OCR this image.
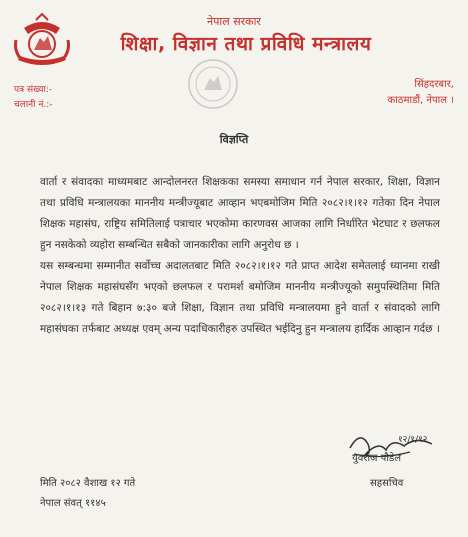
नेपाल सरकार
शिक्षा, विज्ञान तथा प्रविधि मन्त्रालय
पत्र संख्या:-
चलानी नं.:-
सिंहदरबार,
काठमाडौं, नेपाल ।
विज्ञप्ति
वार्ता र संवादका माध्यमबाट आन्दोलनरत शिक्षकका समस्या समाधान गर्न नेपाल सरकार, शिक्षा, विज्ञान तथा प्रविधि मन्त्रालयका माननीय मन्त्रीज्यूबाट आव्हान भएबमोजिम मिति २०८२।१।१२ गतेका दिन नेपाल शिक्षक महासंघ, राष्ट्रिय समितिलाई पत्राचार भएकोमा कारणवस आजका लागि निर्धारित भेटघाट र छलफल हुन नसकेको व्यहोरा सम्बन्धित सबैको जानकारीका लागि अनुरोध छ ।
यस सम्बन्धमा सम्मानीत सर्वोच्च अदालतबाट मिति २०८२।१।१२ गते प्राप्त आदेश समेतलाई ध्यानमा राखी नेपाल शिक्षक महासंघसँग भएको छलफल र परामर्श बमोजिम माननीय मन्त्रीज्यूको समुपस्थितिमा मिति २०८२।१।१३ गते बिहान ७:३० बजे शिक्षा, विज्ञान तथा प्रविधि मन्त्रालयमा हुने वार्ता र संवादको लागि महासंघका तर्फबाट अध्यक्ष एवम् अन्य पदाधिकारीहरु उपस्थित भईदिनु हुन मन्त्रालय हार्दिक आव्हान गर्दछ ।
१२/१/१२
युवराज पौडेल
सहसचिव
मिति २०८२ वैशाख १२ गते
नेपाल संवत् ११४५
